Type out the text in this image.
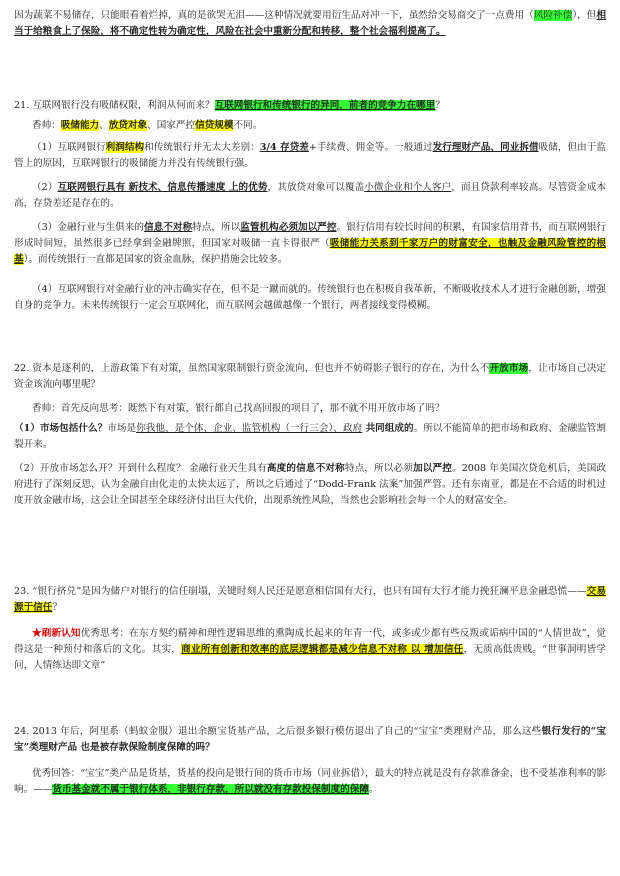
因为蔬菜不易储存，只能眼看着烂掉，真的是欲哭无泪——这种情况就要用衍生品对冲一下，虽然给交易商交了一点费用（风险补偿），但相当于给粮食上了保险，将不确定性转为确定性，风险在社会中重新分配和转移，整个社会福利提高了。
21. 互联网银行没有吸储权限，利润从何而来？互联网银行和传统银行的异同，前者的竞争力在哪里？
香帅：吸储能力、放贷对象、国家严控信贷规模不同。
（1）互联网银行利润结构和传统银行并无太大差别：3/4 存贷差+手续费、佣金等。一般通过发行理财产品、同业拆借吸储，但由于监管上的原因，互联网银行的吸储能力并没有传统银行强。
（2）互联网银行具有 新技术、信息传播速度 上的优势，其放贷对象可以覆盖小微企业和个人客户，而且贷款利率较高。尽管资金成本高，存贷差还是存在的。
（3）金融行业与生俱来的信息不对称特点，所以监管机构必须加以严控。银行信用有较长时间的积累，有国家信用背书，而互联网银行形成时间短，虽然很多已经拿到金融牌照，但国家对吸储一直卡得很严（吸储能力关系到千家万户的财富安全，也触及金融风险管控的根基）。而传统银行一直都是国家的资金血脉，保护措施会比较多。
（4）互联网银行对金融行业的冲击确实存在，但不是一蹴而就的。传统银行也在积极自我革新，不断吸收技术人才进行金融创新，增强自身的竞争力。未来传统银行一定会互联网化，而互联网会越做越像一个银行，两者接线变得模糊。
22. 资本是逐利的，上游政策下有对策，虽然国家限制银行资金流向，但也并不妨碍影子银行的存在，为什么不开放市场，让市场自己决定资金该流向哪里呢？
香帅：首先反向思考：既然下有对策，银行都自己找高回报的项目了，那不就不用开放市场了吗？
（1）市场包括什么？市场是你我他、是个体、企业、监管机构（一行三会）、政府 共同组成的。所以不能简单的把市场和政府、金融监管割裂开来。
（2）开放市场怎么开？开到什么程度？ 金融行业天生具有高度的信息不对称特点，所以必须加以严控。2008 年美国次贷危机后，美国政府进行了深刻反思，认为金融自由化走的太快太远了，所以之后通过了“Dodd-Frank 法案”加强严管。还有东南亚，都是在不合适的时机过度开放金融市场，这会让全国甚至全球经济付出巨大代价，出现系统性风险，当然也会影响社会每一个人的财富安全。
23. “银行挤兑”是因为储户对银行的信任崩塌，关键时刻人民还是愿意相信国有大行，也只有国有大行才能力挽狂澜平息金融恐慌——交易源于信任？
★刷新认知优秀思考：在东方契约精神和理性逻辑思维的熏陶成长起来的年青一代，或多或少都有些反叛或诟病中国的“人情世故”，觉得这是一种预付和落后的文化。其实，商业所有创新和效率的底层逻辑都是减少信息不对称 以 增加信任，无质高低贵贱。“世事洞明皆学问，人情练达即文章”
24. 2013 年后，阿里系（蚂蚁金服）退出余额宝货基产品，之后很多银行模仿退出了自己的“宝宝”类理财产品，那么这些银行发行的“宝宝”类理财产品 也是被存款保险制度保障的吗？
优秀回答：“宝宝”类产品是货基，货基的投向是银行间的货币市场（同业拆借），最大的特点就是没有存款准备金，也不受基准利率的影响。——货币基金就不属于银行体系，非银行存款，所以就没有存款投保制度的保障。
